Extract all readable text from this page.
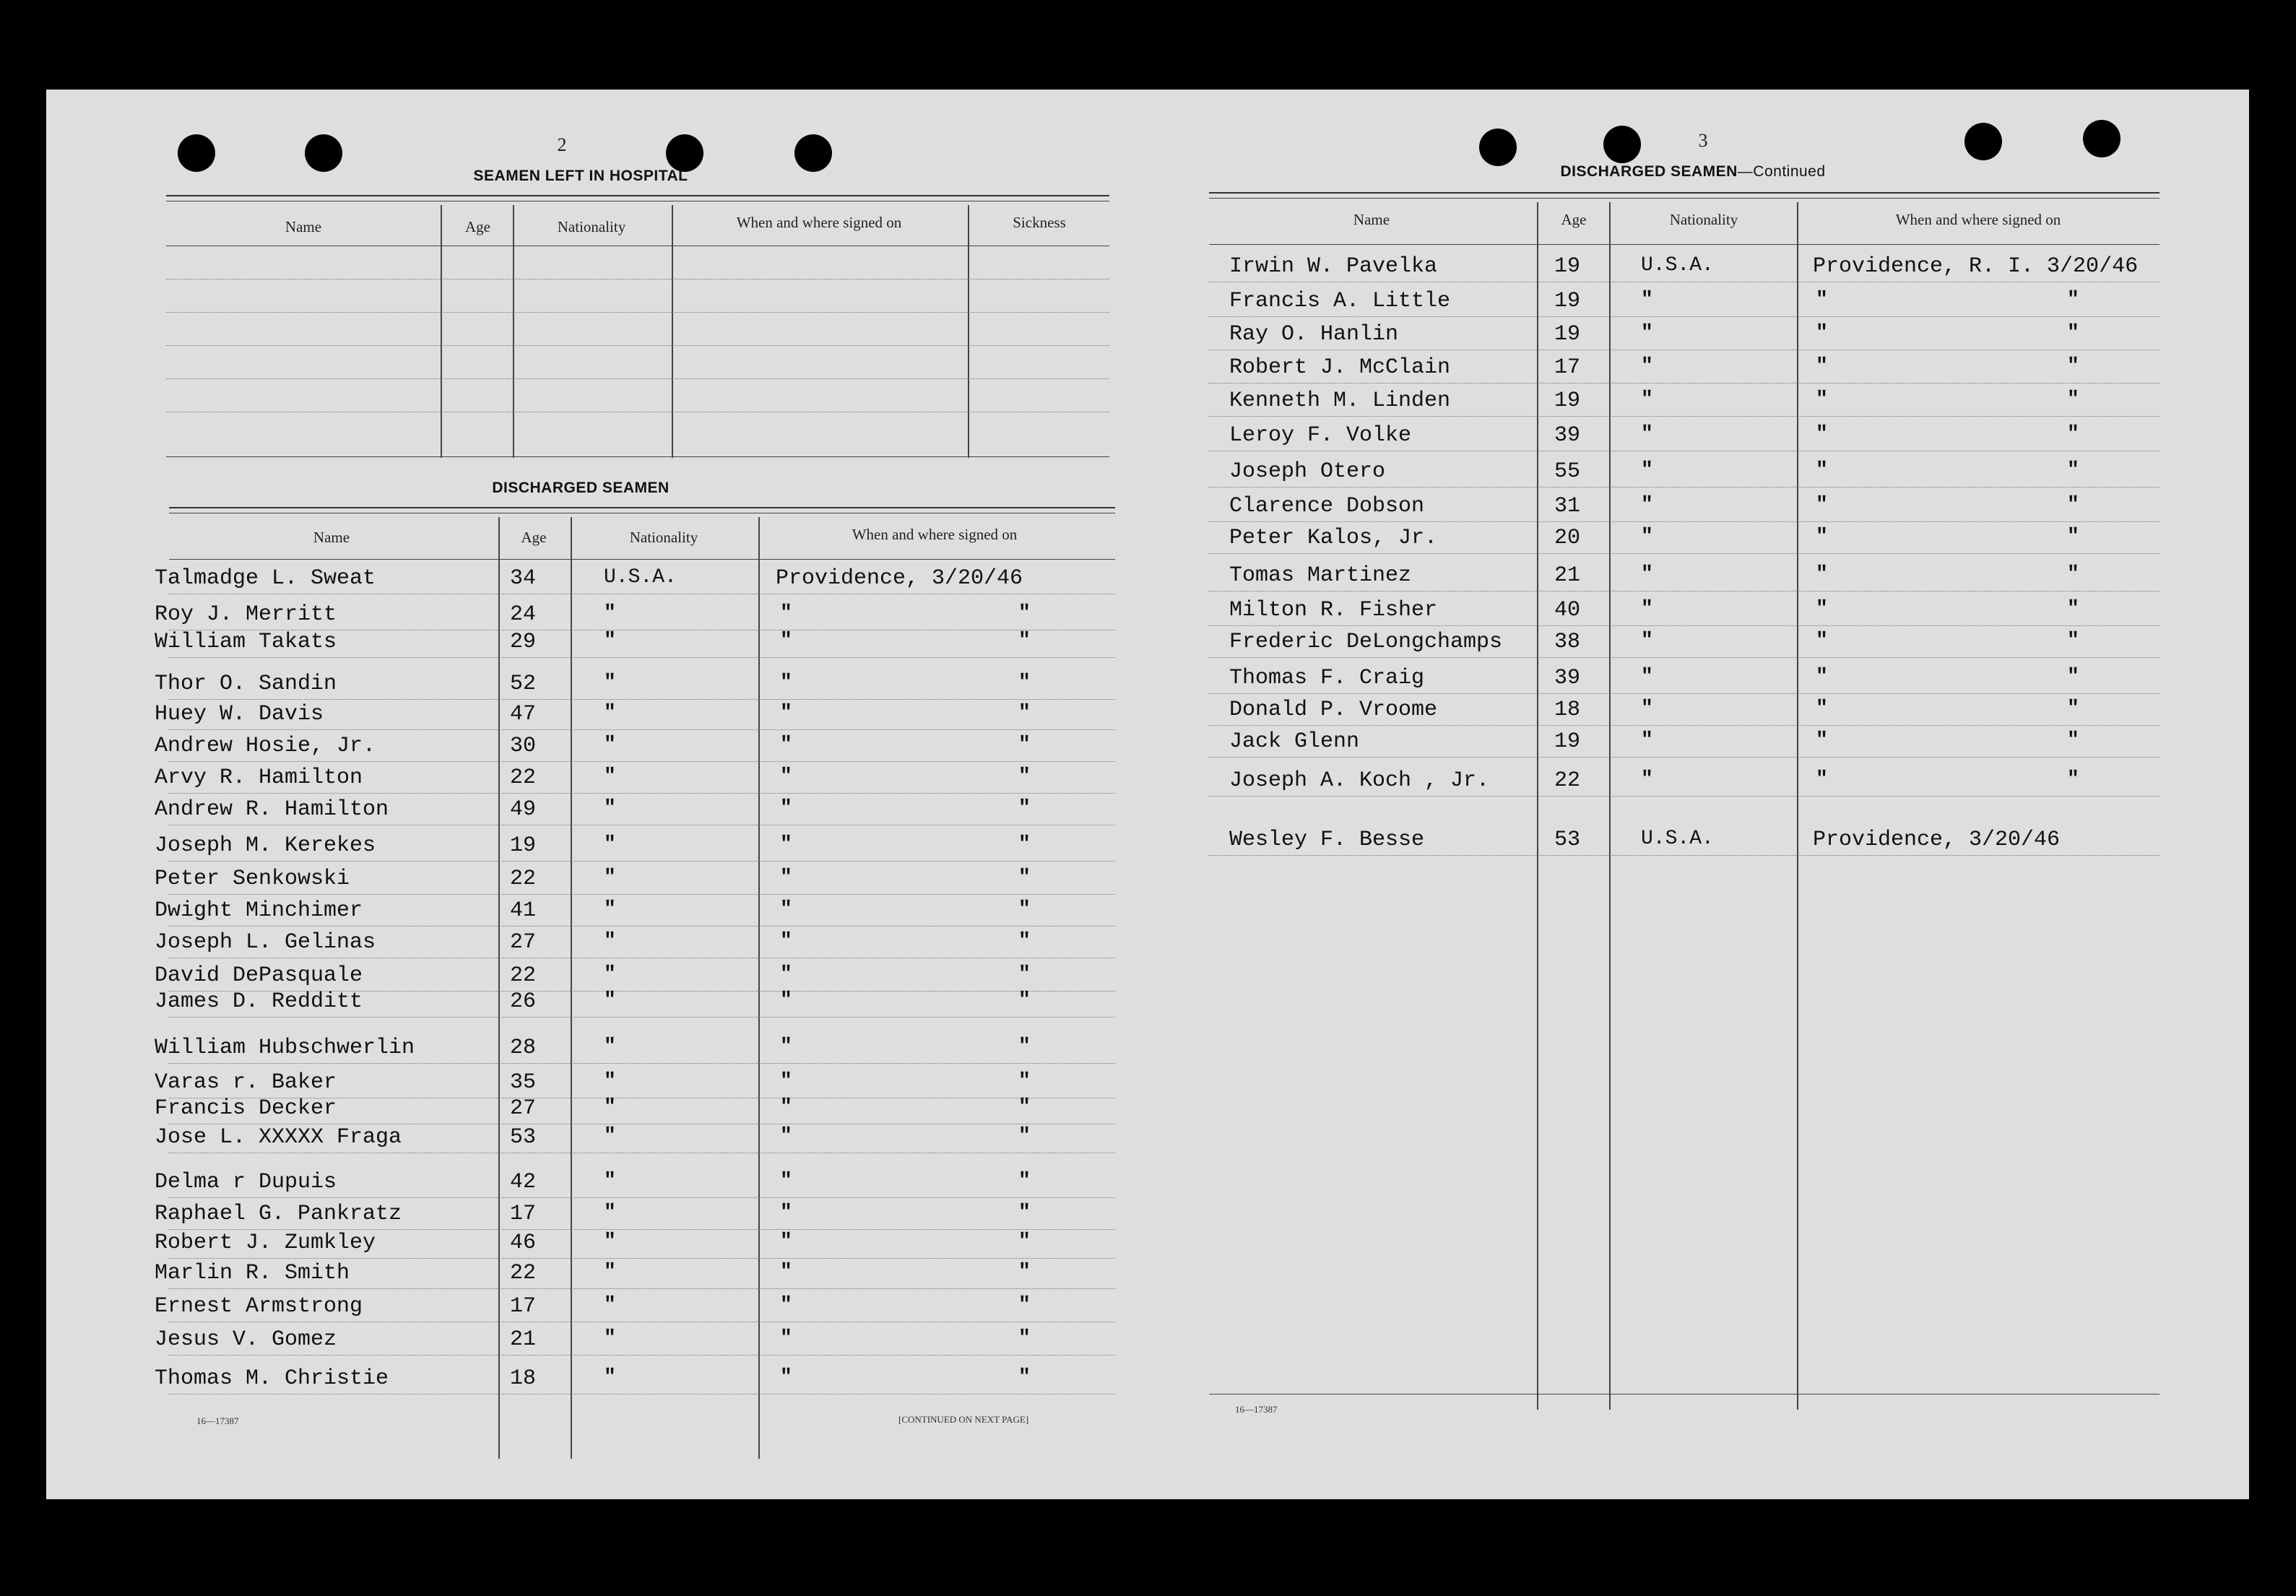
2
SEAMEN LEFT IN HOSPITAL
Name	Age	Nationality	When and where signed on	Sickness
DISCHARGED SEAMEN
Name	Age	Nationality	When and where signed on
Talmadge L. Sweat	34	U.S.A.	Providence, 3/20/46
Roy J. Merritt	24	"	"	"
William Takats	29	"	"	"
Thor O. Sandin	52	"	"	"
Huey W. Davis	47	"	"	"
Andrew Hosie, Jr.	30	"	"	"
Arvy R. Hamilton	22	"	"	"
Andrew R. Hamilton	49	"	"	"
Joseph M. Kerekes	19	"	"	"
Peter Senkowski	22	"	"	"
Dwight Minchimer	41	"	"	"
Joseph L. Gelinas	27	"	"	"
David DePasquale	22	"	"	"
James D. Redditt	26	"	"	"
William Hubschwerlin	28	"	"	"
Varas r. Baker	35	"	"	"
Francis Decker	27	"	"	"
Jose L. XXXXX Fraga	53	"	"	"
Delma r Dupuis	42	"	"	"
Raphael G. Pankratz	17	"	"	"
Robert J. Zumkley	46	"	"	"
Marlin R. Smith	22	"	"	"
Ernest Armstrong	17	"	"	"
Jesus V. Gomez	21	"	"	"
Thomas M. Christie	18	"	"	"
16—17387	[CONTINUED ON NEXT PAGE]
3
DISCHARGED SEAMEN—Continued
Name	Age	Nationality	When and where signed on
Irwin W. Pavelka	19	U.S.A.	Providence, R. I. 3/20/46
Francis A. Little	19	"	"	"
Ray O. Hanlin	19	"	"	"
Robert J. McClain	17	"	"	"
Kenneth M. Linden	19	"	"	"
Leroy F. Volke	39	"	"	"
Joseph Otero	55	"	"	"
Clarence Dobson	31	"	"	"
Peter Kalos, Jr.	20	"	"	"
Tomas Martinez	21	"	"	"
Milton R. Fisher	40	"	"	"
Frederic DeLongchamps 38	"	"	"
Thomas F. Craig	39	"	"	"
Donald P. Vroome	18	"	"	"
Jack Glenn	19	"	"	"
Joseph A. Koch , Jr.	22	"	"	"
Wesley F. Besse	53	U.S.A.	Providence, 3/20/46
16—17387
